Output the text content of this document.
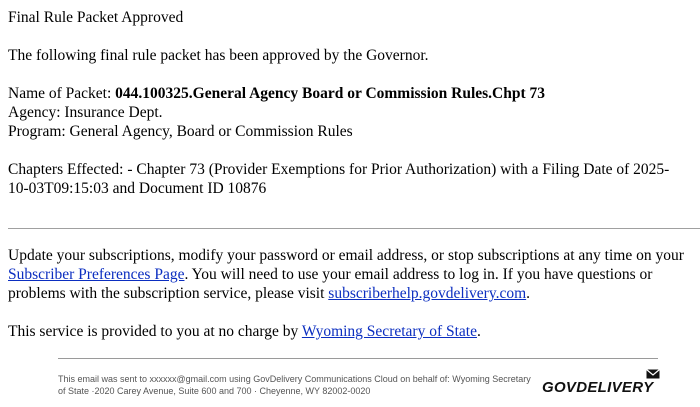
Final Rule Packet Approved
The following final rule packet has been approved by the Governor.
Name of Packet: 044.100325.General Agency Board or Commission Rules.Chpt 73
Agency: Insurance Dept.
Program: General Agency, Board or Commission Rules
Chapters Effected: - Chapter 73 (Provider Exemptions for Prior Authorization) with a Filing Date of 2025-
10-03T09:15:03 and Document ID 10876
Update your subscriptions, modify your password or email address, or stop subscriptions at any time on your
Subscriber Preferences Page. You will need to use your email address to log in. If you have questions or problems with the subscription service, please visit subscriberhelp.govdelivery.com.
This service is provided to you at no charge by Wyoming Secretary of State.
This email was sent to xxxxxx@gmail.com using GovDelivery Communications Cloud on behalf of: Wyoming Secretary of State ·2020 Carey Avenue, Suite 600 and 700 · Cheyenne, WY 82002-0020	GOVDELIVERY
